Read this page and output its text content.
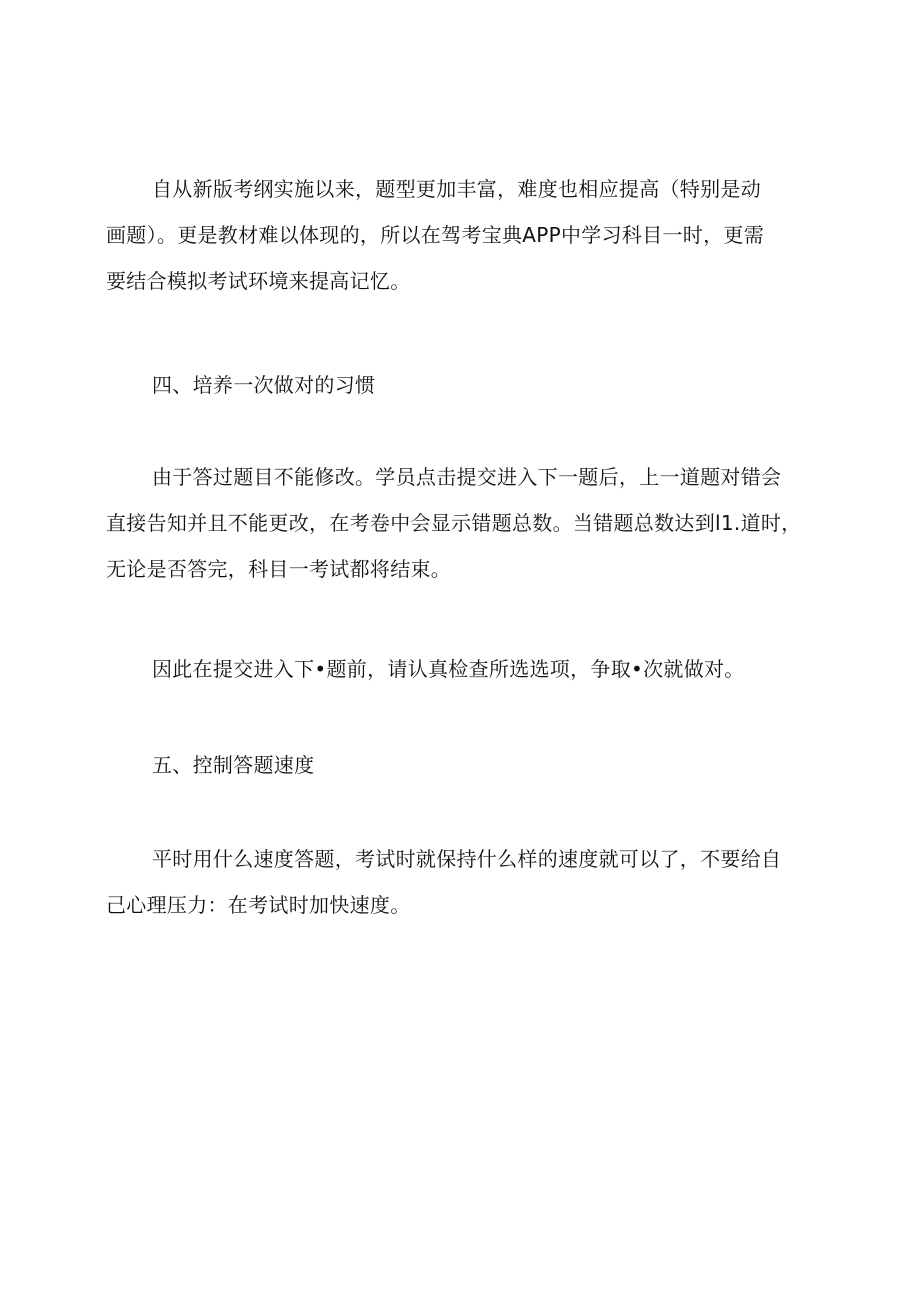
自从新版考纲实施以来，题型更加丰富，难度也相应提高（特别是动
画题）。更是教材难以体现的，所以在驾考宝典APP中学习科目一时，更需
要结合模拟考试环境来提高记忆。

四、培养一次做对的习惯

由于答过题目不能修改。学员点击提交进入下一题后，上一道题对错会
直接告知并且不能更改，在考卷中会显示错题总数。当错题总数达到l1.道时，
无论是否答完，科目一考试都将结束。

因此在提交进入下•题前，请认真检查所选选项，争取•次就做对。

五、控制答题速度

平时用什么速度答题，考试时就保持什么样的速度就可以了，不要给自
己心理压力：在考试时加快速度。
